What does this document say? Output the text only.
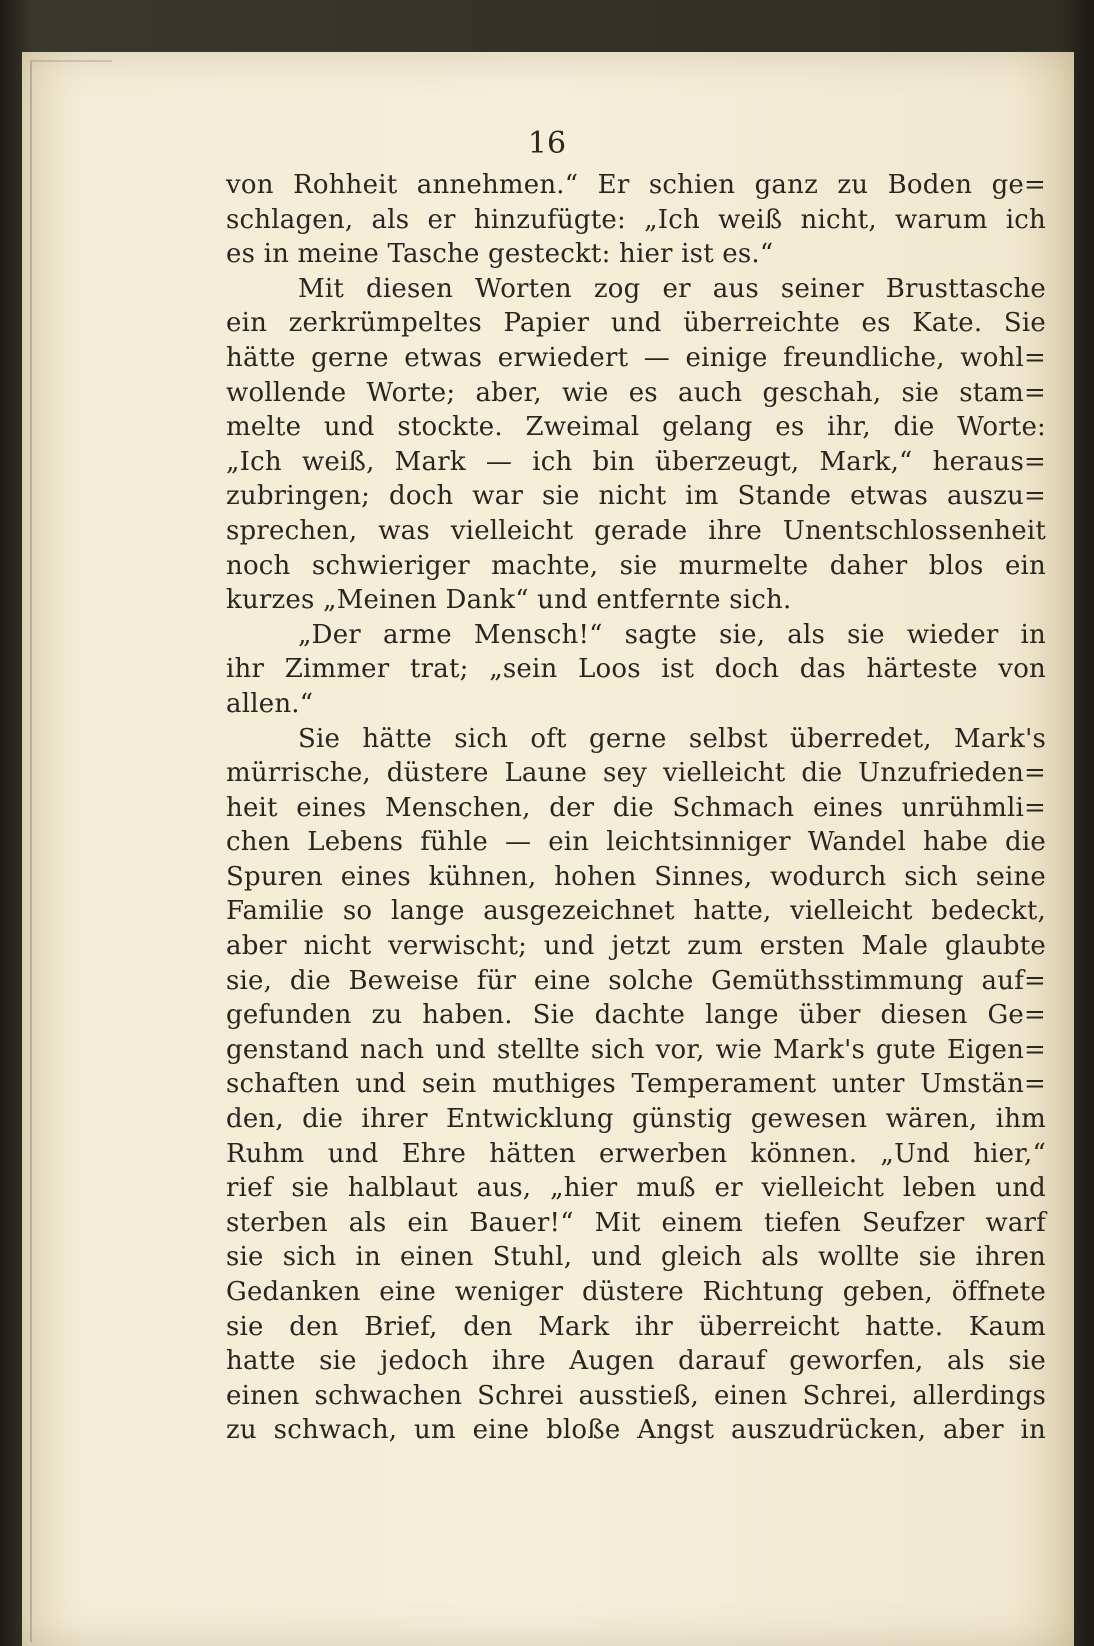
16
von Rohheit annehmen.“ Er schien ganz zu Boden ge=
schlagen, als er hinzufügte: „Ich weiß nicht, warum ich
es in meine Tasche gesteckt: hier ist es.“
Mit diesen Worten zog er aus seiner Brusttasche
ein zerkrümpeltes Papier und überreichte es Kate. Sie
hätte gerne etwas erwiedert — einige freundliche, wohl=
wollende Worte; aber, wie es auch geschah, sie stam=
melte und stockte. Zweimal gelang es ihr, die Worte:
„Ich weiß, Mark — ich bin überzeugt, Mark,“ heraus=
zubringen; doch war sie nicht im Stande etwas auszu=
sprechen, was vielleicht gerade ihre Unentschlossenheit
noch schwieriger machte, sie murmelte daher blos ein
kurzes „Meinen Dank“ und entfernte sich.
„Der arme Mensch!“ sagte sie, als sie wieder in
ihr Zimmer trat; „sein Loos ist doch das härteste von
allen.“
Sie hätte sich oft gerne selbst überredet, Mark's
mürrische, düstere Laune sey vielleicht die Unzufrieden=
heit eines Menschen, der die Schmach eines unrühmli=
chen Lebens fühle — ein leichtsinniger Wandel habe die
Spuren eines kühnen, hohen Sinnes, wodurch sich seine
Familie so lange ausgezeichnet hatte, vielleicht bedeckt,
aber nicht verwischt; und jetzt zum ersten Male glaubte
sie, die Beweise für eine solche Gemüthsstimmung auf=
gefunden zu haben. Sie dachte lange über diesen Ge=
genstand nach und stellte sich vor, wie Mark's gute Eigen=
schaften und sein muthiges Temperament unter Umstän=
den, die ihrer Entwicklung günstig gewesen wären, ihm
Ruhm und Ehre hätten erwerben können. „Und hier,“
rief sie halblaut aus, „hier muß er vielleicht leben und
sterben als ein Bauer!“ Mit einem tiefen Seufzer warf
sie sich in einen Stuhl, und gleich als wollte sie ihren
Gedanken eine weniger düstere Richtung geben, öffnete
sie den Brief, den Mark ihr überreicht hatte. Kaum
hatte sie jedoch ihre Augen darauf geworfen, als sie
einen schwachen Schrei ausstieß, einen Schrei, allerdings
zu schwach, um eine bloße Angst auszudrücken, aber in
